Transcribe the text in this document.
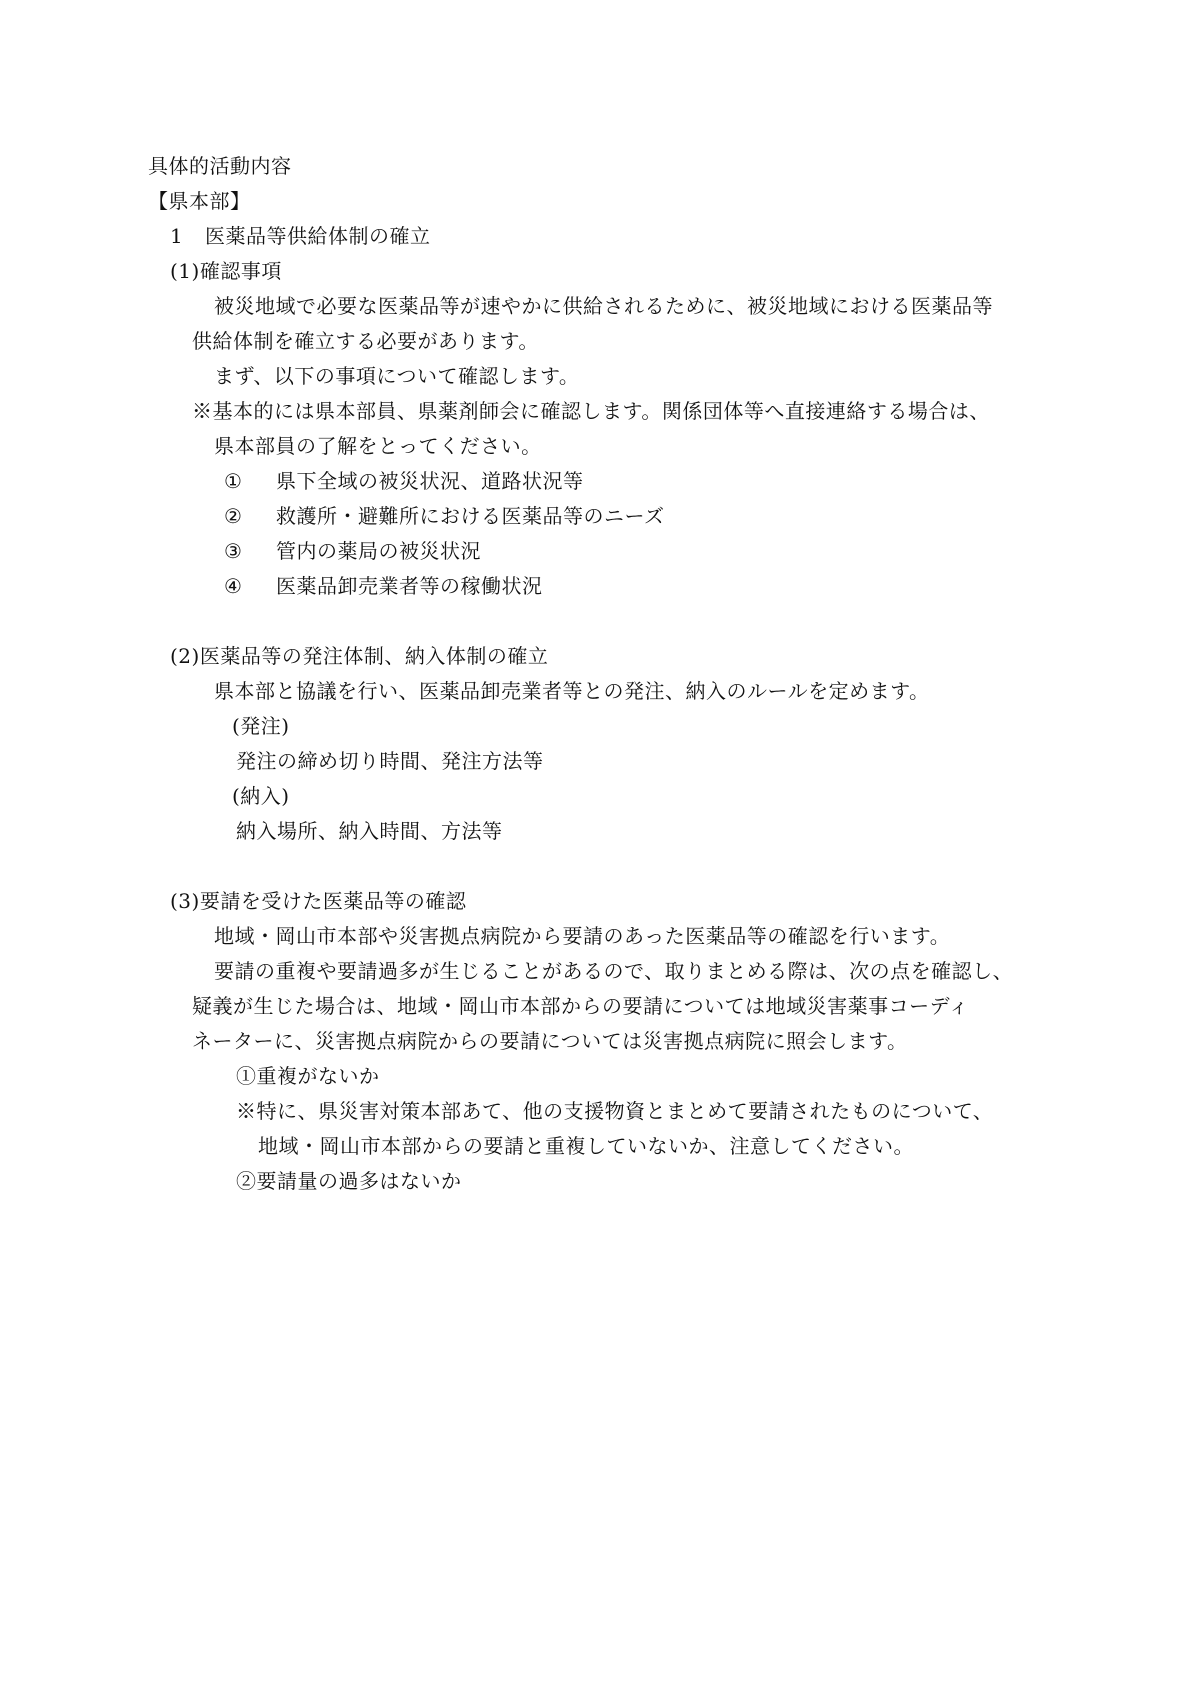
具体的活動内容
【県本部】
1 医薬品等供給体制の確立
(1)確認事項
被災地域で必要な医薬品等が速やかに供給されるために、被災地域における医薬品等
供給体制を確立する必要があります。
まず、以下の事項について確認します。
※基本的には県本部員、県薬剤師会に確認します。関係団体等へ直接連絡する場合は、
県本部員の了解をとってください。
① 県下全域の被災状況、道路状況等
② 救護所・避難所における医薬品等のニーズ
③ 管内の薬局の被災状況
④ 医薬品卸売業者等の稼働状況
(2)医薬品等の発注体制、納入体制の確立
県本部と協議を行い、医薬品卸売業者等との発注、納入のルールを定めます。
(発注)
発注の締め切り時間、発注方法等
(納入)
納入場所、納入時間、方法等
(3)要請を受けた医薬品等の確認
地域・岡山市本部や災害拠点病院から要請のあった医薬品等の確認を行います。
要請の重複や要請過多が生じることがあるので、取りまとめる際は、次の点を確認し、
疑義が生じた場合は、地域・岡山市本部からの要請については地域災害薬事コーディ
ネーターに、災害拠点病院からの要請については災害拠点病院に照会します。
①重複がないか
※特に、県災害対策本部あて、他の支援物資とまとめて要請されたものについて、
地域・岡山市本部からの要請と重複していないか、注意してください。
②要請量の過多はないか
